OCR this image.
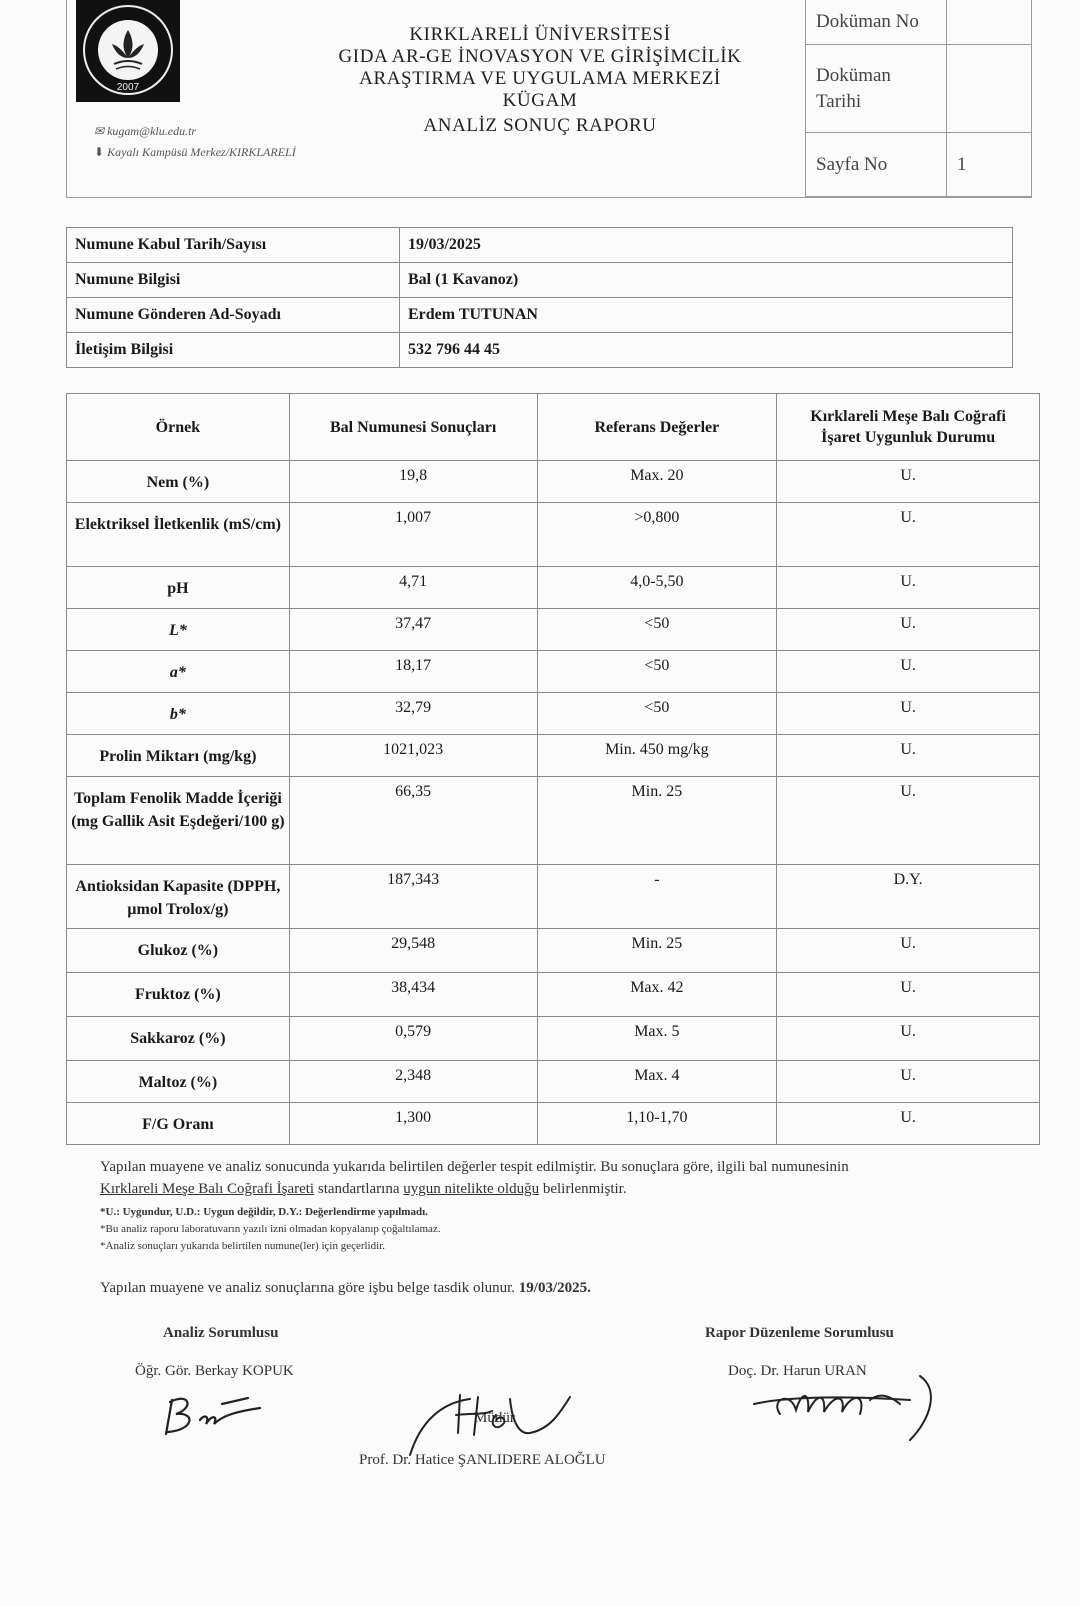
2007
✉ kugam@klu.edu.tr
⬇ Kayalı Kampüsü Merkez/KIRKLARELİ
KIRKLARELİ ÜNİVERSİTESİ
GIDA AR-GE İNOVASYON VE GİRİŞİMCİLİK
ARAŞTIRMA VE UYGULAMA MERKEZİ
KÜGAM
ANALİZ SONUÇ RAPORU
Doküman No	
Doküman Tarihi	
Sayfa No	1
Numune Kabul Tarih/Sayısı	19/03/2025
Numune Bilgisi	Bal (1 Kavanoz)
Numune Gönderen Ad-Soyadı	Erdem TUTUNAN
İletişim Bilgisi	532 796 44 45
Örnek	Bal Numunesi Sonuçları	Referans Değerler	Kırklareli Meşe Balı Coğrafi İşaret Uygunluk Durumu
Nem (%)	19,8	Max. 20	U.
Elektriksel İletkenlik (mS/cm)	1,007	>0,800	U.
pH	4,71	4,0-5,50	U.
L*	37,47	<50	U.
a*	18,17	<50	U.
b*	32,79	<50	U.
Prolin Miktarı (mg/kg)	1021,023	Min. 450 mg/kg	U.
Toplam Fenolik Madde İçeriği (mg Gallik Asit Eşdeğeri/100 g)	66,35	Min. 25	U.
Antioksidan Kapasite (DPPH, µmol Trolox/g)	187,343	-	D.Y.
Glukoz (%)	29,548	Min. 25	U.
Fruktoz (%)	38,434	Max. 42	U.
Sakkaroz (%)	0,579	Max. 5	U.
Maltoz (%)	2,348	Max. 4	U.
F/G Oranı	1,300	1,10-1,70	U.
Yapılan muayene ve analiz sonucunda yukarıda belirtilen değerler tespit edilmiştir. Bu sonuçlara göre, ilgili bal numunesinin
Kırklareli Meşe Balı Coğrafi İşareti standartlarına uygun nitelikte olduğu belirlenmiştir.
*U.: Uygundur, U.D.: Uygun değildir, D.Y.: Değerlendirme yapılmadı.
*Bu analiz raporu laboratuvarın yazılı izni olmadan kopyalanıp çoğaltılamaz.
*Analiz sonuçları yukarıda belirtilen numune(ler) için geçerlidir.
Yapılan muayene ve analiz sonuçlarına göre işbu belge tasdik olunur. 19/03/2025.
Analiz Sorumlusu
Öğr. Gör. Berkay KOPUK
Rapor Düzenleme Sorumlusu
Doç. Dr. Harun URAN
Müdür
Prof. Dr. Hatice ŞANLIDERE ALOĞLU
